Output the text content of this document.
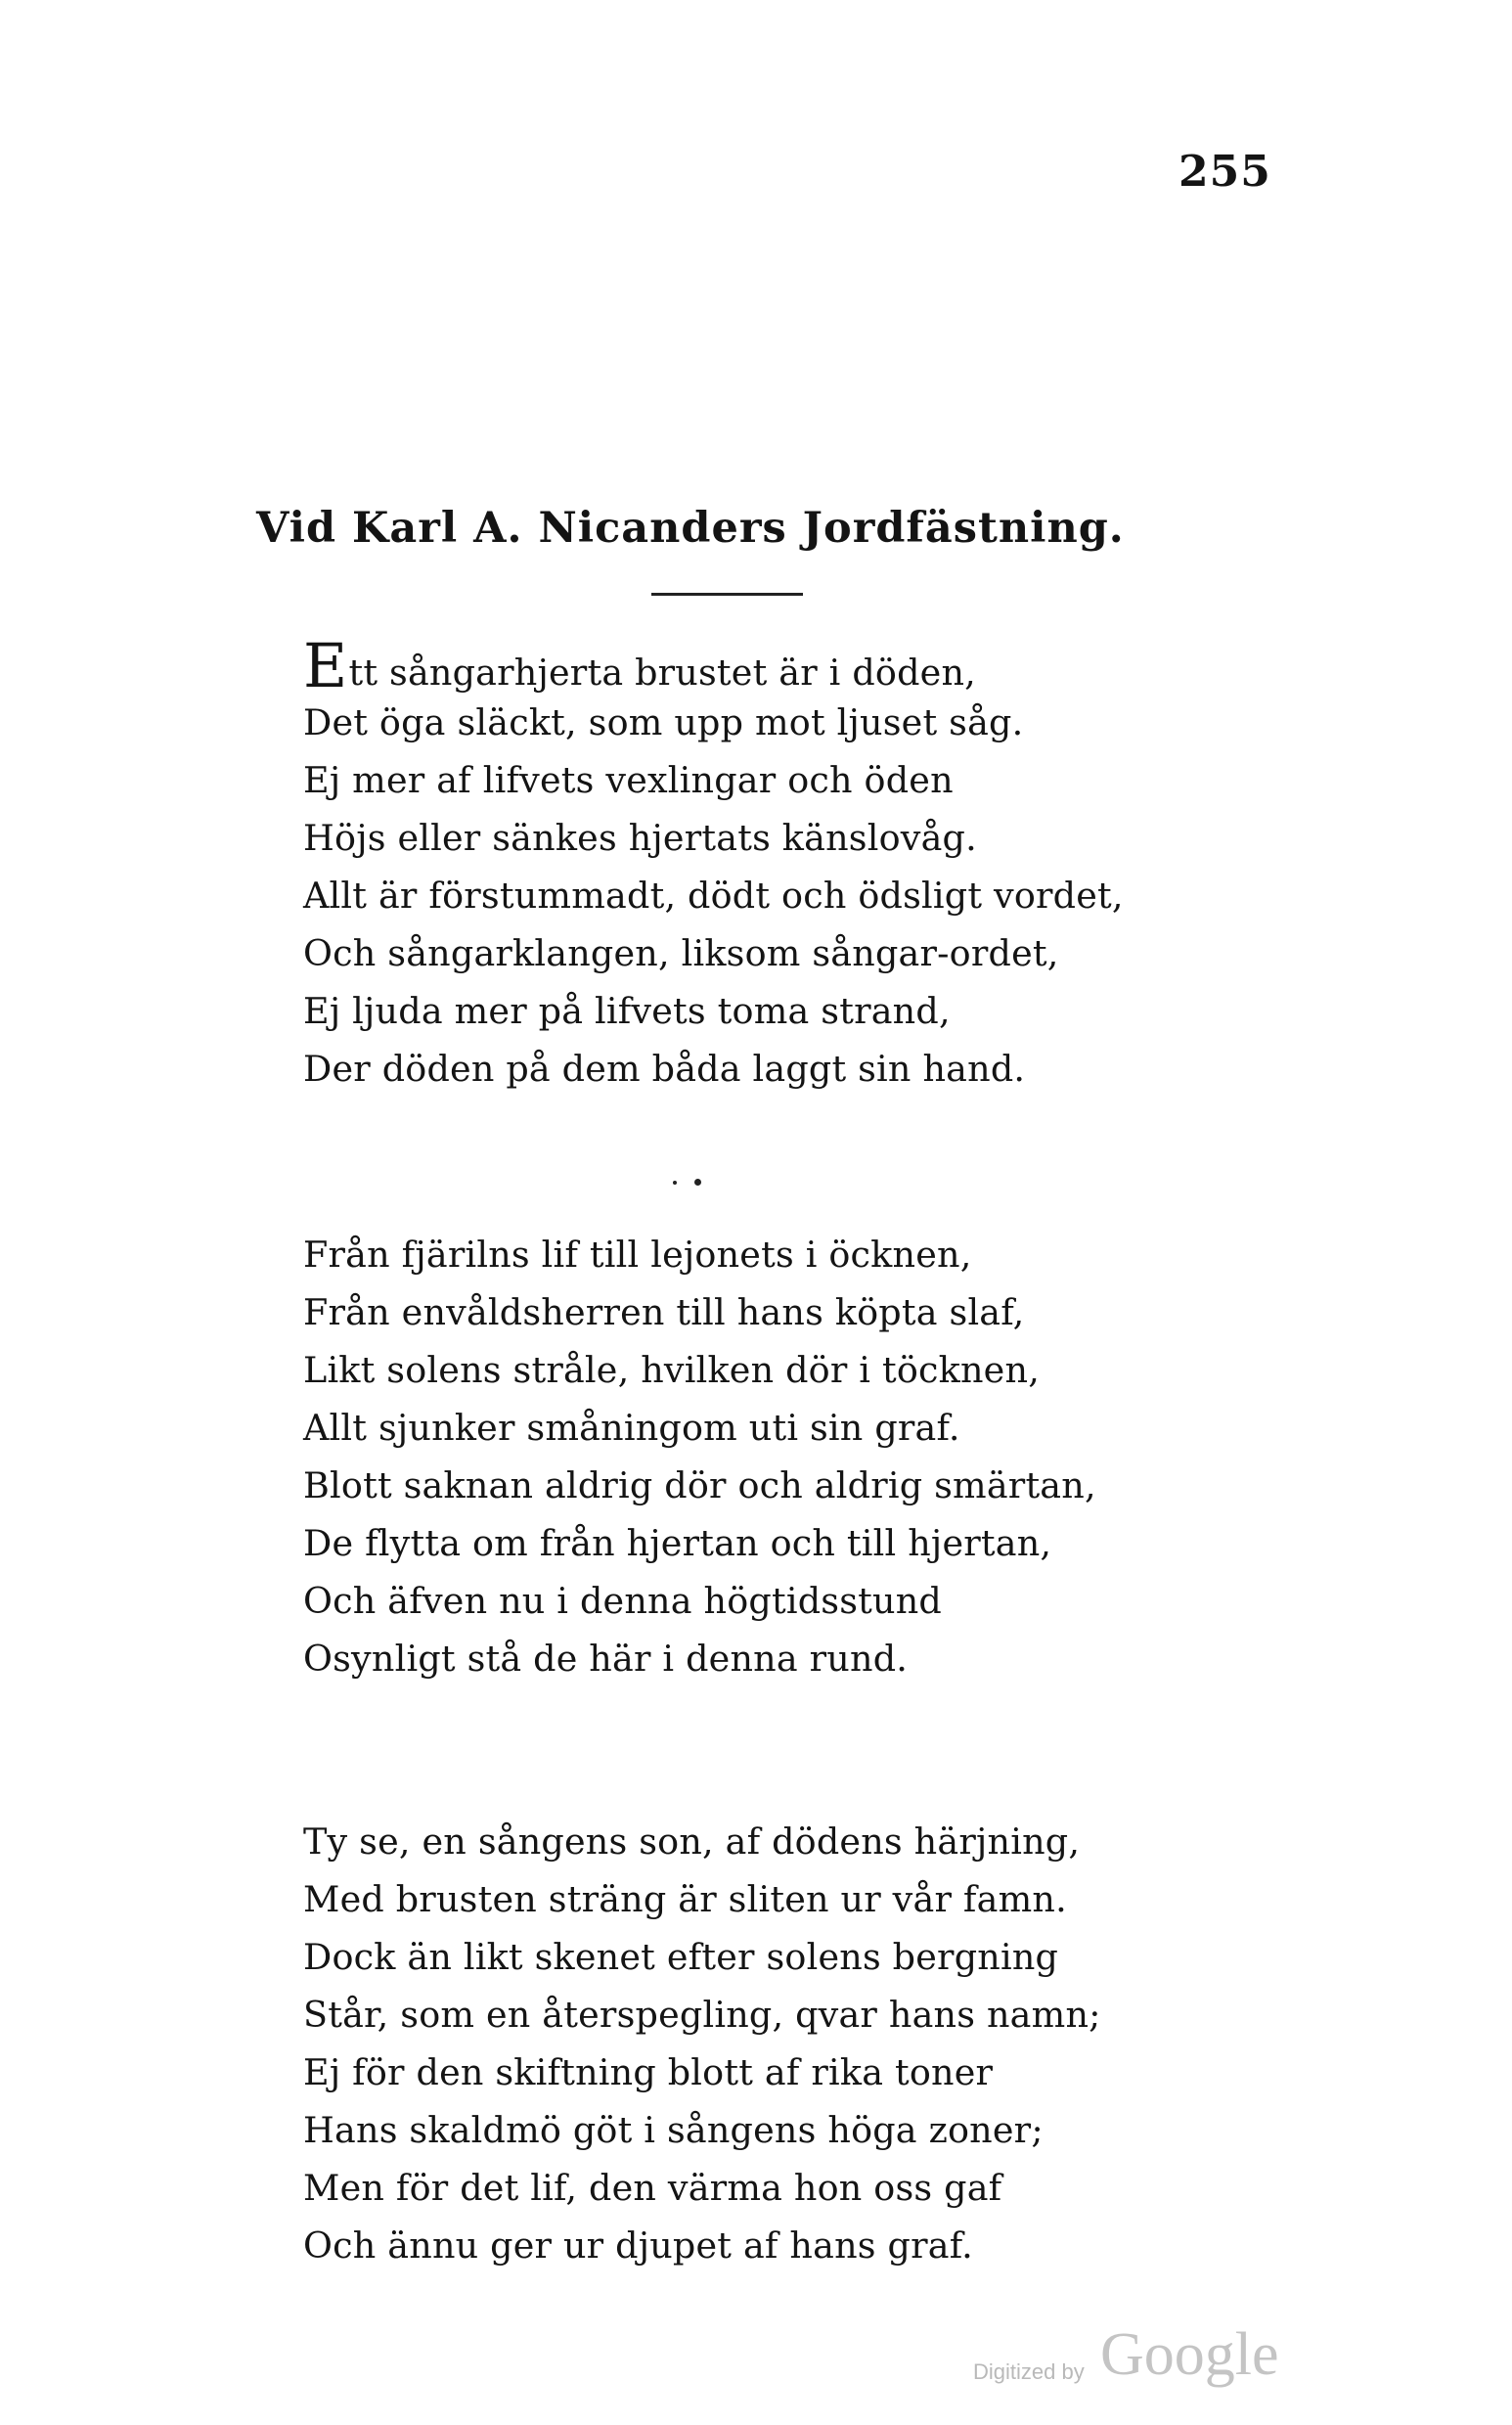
255
Vid Karl A. Nicanders Jordfästning.
Ett sångarhjerta brustet är i döden,
Det öga släckt, som upp mot ljuset såg.
Ej mer af lifvets vexlingar och öden
Höjs eller sänkes hjertats känslovåg.
Allt är förstummadt, dödt och ödsligt vordet,
Och sångarklangen, liksom sångar-ordet,
Ej ljuda mer på lifvets toma strand,
Der döden på dem båda laggt sin hand.
Från fjärilns lif till lejonets i öcknen,
Från envåldsherren till hans köpta slaf,
Likt solens stråle, hvilken dör i töcknen,
Allt sjunker småningom uti sin graf.
Blott saknan aldrig dör och aldrig smärtan,
De flytta om från hjertan och till hjertan,
Och äfven nu i denna högtidsstund
Osynligt stå de här i denna rund.
Ty se, en sångens son, af dödens härjning,
Med brusten sträng är sliten ur vår famn.
Dock än likt skenet efter solens bergning
Står, som en återspegling, qvar hans namn;
Ej för den skiftning blott af rika toner
Hans skaldmö göt i sångens höga zoner;
Men för det lif, den värma hon oss gaf
Och ännu ger ur djupet af hans graf.
Digitized by Google
